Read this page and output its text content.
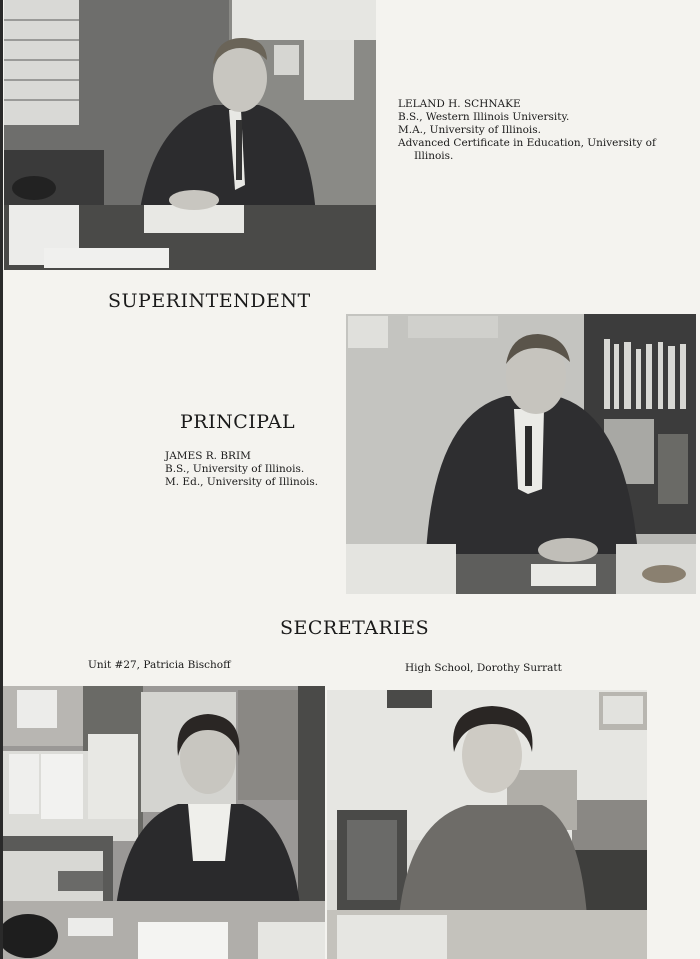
LELAND H. SCHNAKE
B.S., Western Illinois University.
M.A., University of Illinois.
Advanced Certificate in Education, University of
Illinois.
SUPERINTENDENT
PRINCIPAL
JAMES R. BRIM
B.S., University of Illinois.
M. Ed., University of Illinois.
SECRETARIES
Unit #27, Patricia Bischoff	High School, Dorothy Surratt
